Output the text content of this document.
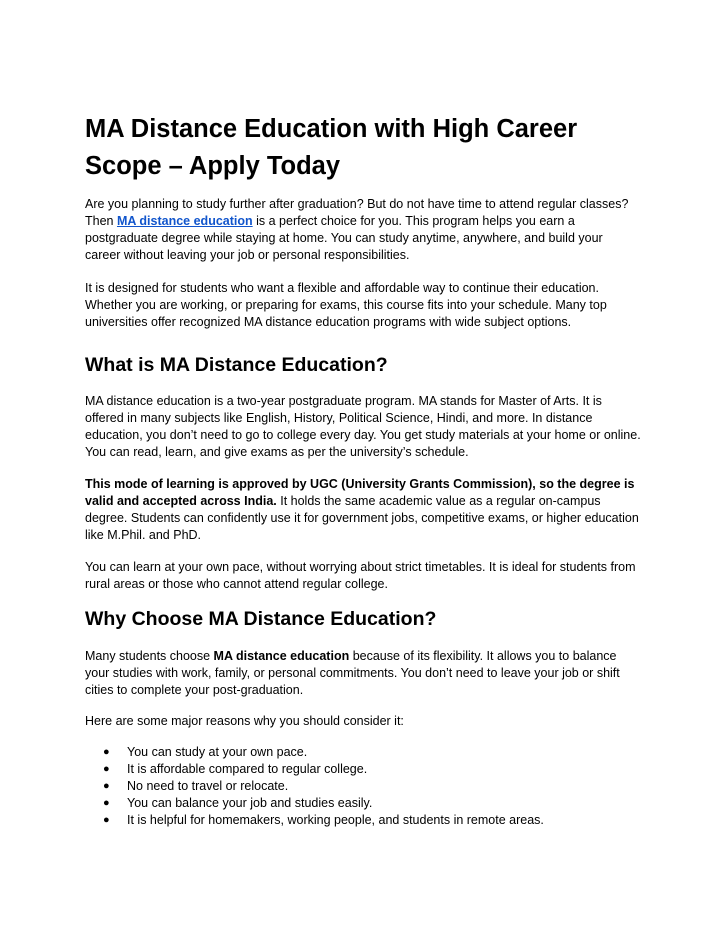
MA Distance Education with High Career Scope – Apply Today

Are you planning to study further after graduation? But do not have time to attend regular classes? Then MA distance education is a perfect choice for you. This program helps you earn a postgraduate degree while staying at home. You can study anytime, anywhere, and build your career without leaving your job or personal responsibilities.

It is designed for students who want a flexible and affordable way to continue their education. Whether you are working, or preparing for exams, this course fits into your schedule. Many top universities offer recognized MA distance education programs with wide subject options.

What is MA Distance Education?

MA distance education is a two-year postgraduate program. MA stands for Master of Arts. It is offered in many subjects like English, History, Political Science, Hindi, and more. In distance education, you don’t need to go to college every day. You get study materials at your home or online. You can read, learn, and give exams as per the university’s schedule.

This mode of learning is approved by UGC (University Grants Commission), so the degree is valid and accepted across India. It holds the same academic value as a regular on-campus degree. Students can confidently use it for government jobs, competitive exams, or higher education like M.Phil. and PhD.

You can learn at your own pace, without worrying about strict timetables. It is ideal for students from rural areas or those who cannot attend regular college.

Why Choose MA Distance Education?

Many students choose MA distance education because of its flexibility. It allows you to balance your studies with work, family, or personal commitments. You don’t need to leave your job or shift cities to complete your post-graduation.

Here are some major reasons why you should consider it:

● You can study at your own pace.
● It is affordable compared to regular college.
● No need to travel or relocate.
● You can balance your job and studies easily.
● It is helpful for homemakers, working people, and students in remote areas.
